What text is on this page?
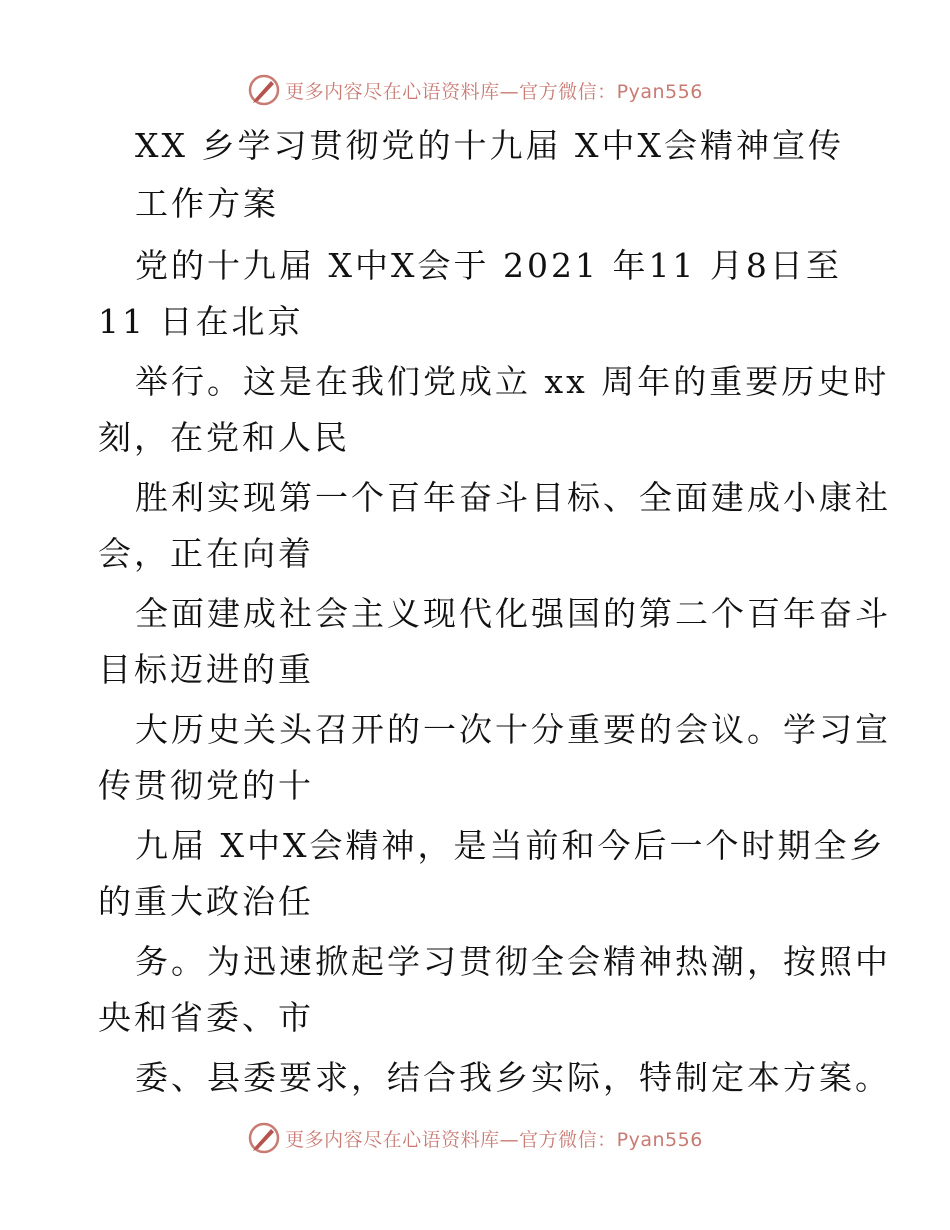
更多内容尽在心语资料库—官方微信：Pyan556
XX 乡学习贯彻党的十九届 X中X会精神宣传
工作方案
党的十九届 X中X会于 2021 年11 月8日至
11 日在北京
举行。这是在我们党成立 xx 周年的重要历史时
刻，在党和人民
胜利实现第一个百年奋斗目标、全面建成小康社
会，正在向着
全面建成社会主义现代化强国的第二个百年奋斗
目标迈进的重
大历史关头召开的一次十分重要的会议。学习宣
传贯彻党的十
九届 X中X会精神，是当前和今后一个时期全乡
的重大政治任
务。为迅速掀起学习贯彻全会精神热潮，按照中
央和省委、市
委、县委要求，结合我乡实际，特制定本方案。
更多内容尽在心语资料库—官方微信：Pyan556
